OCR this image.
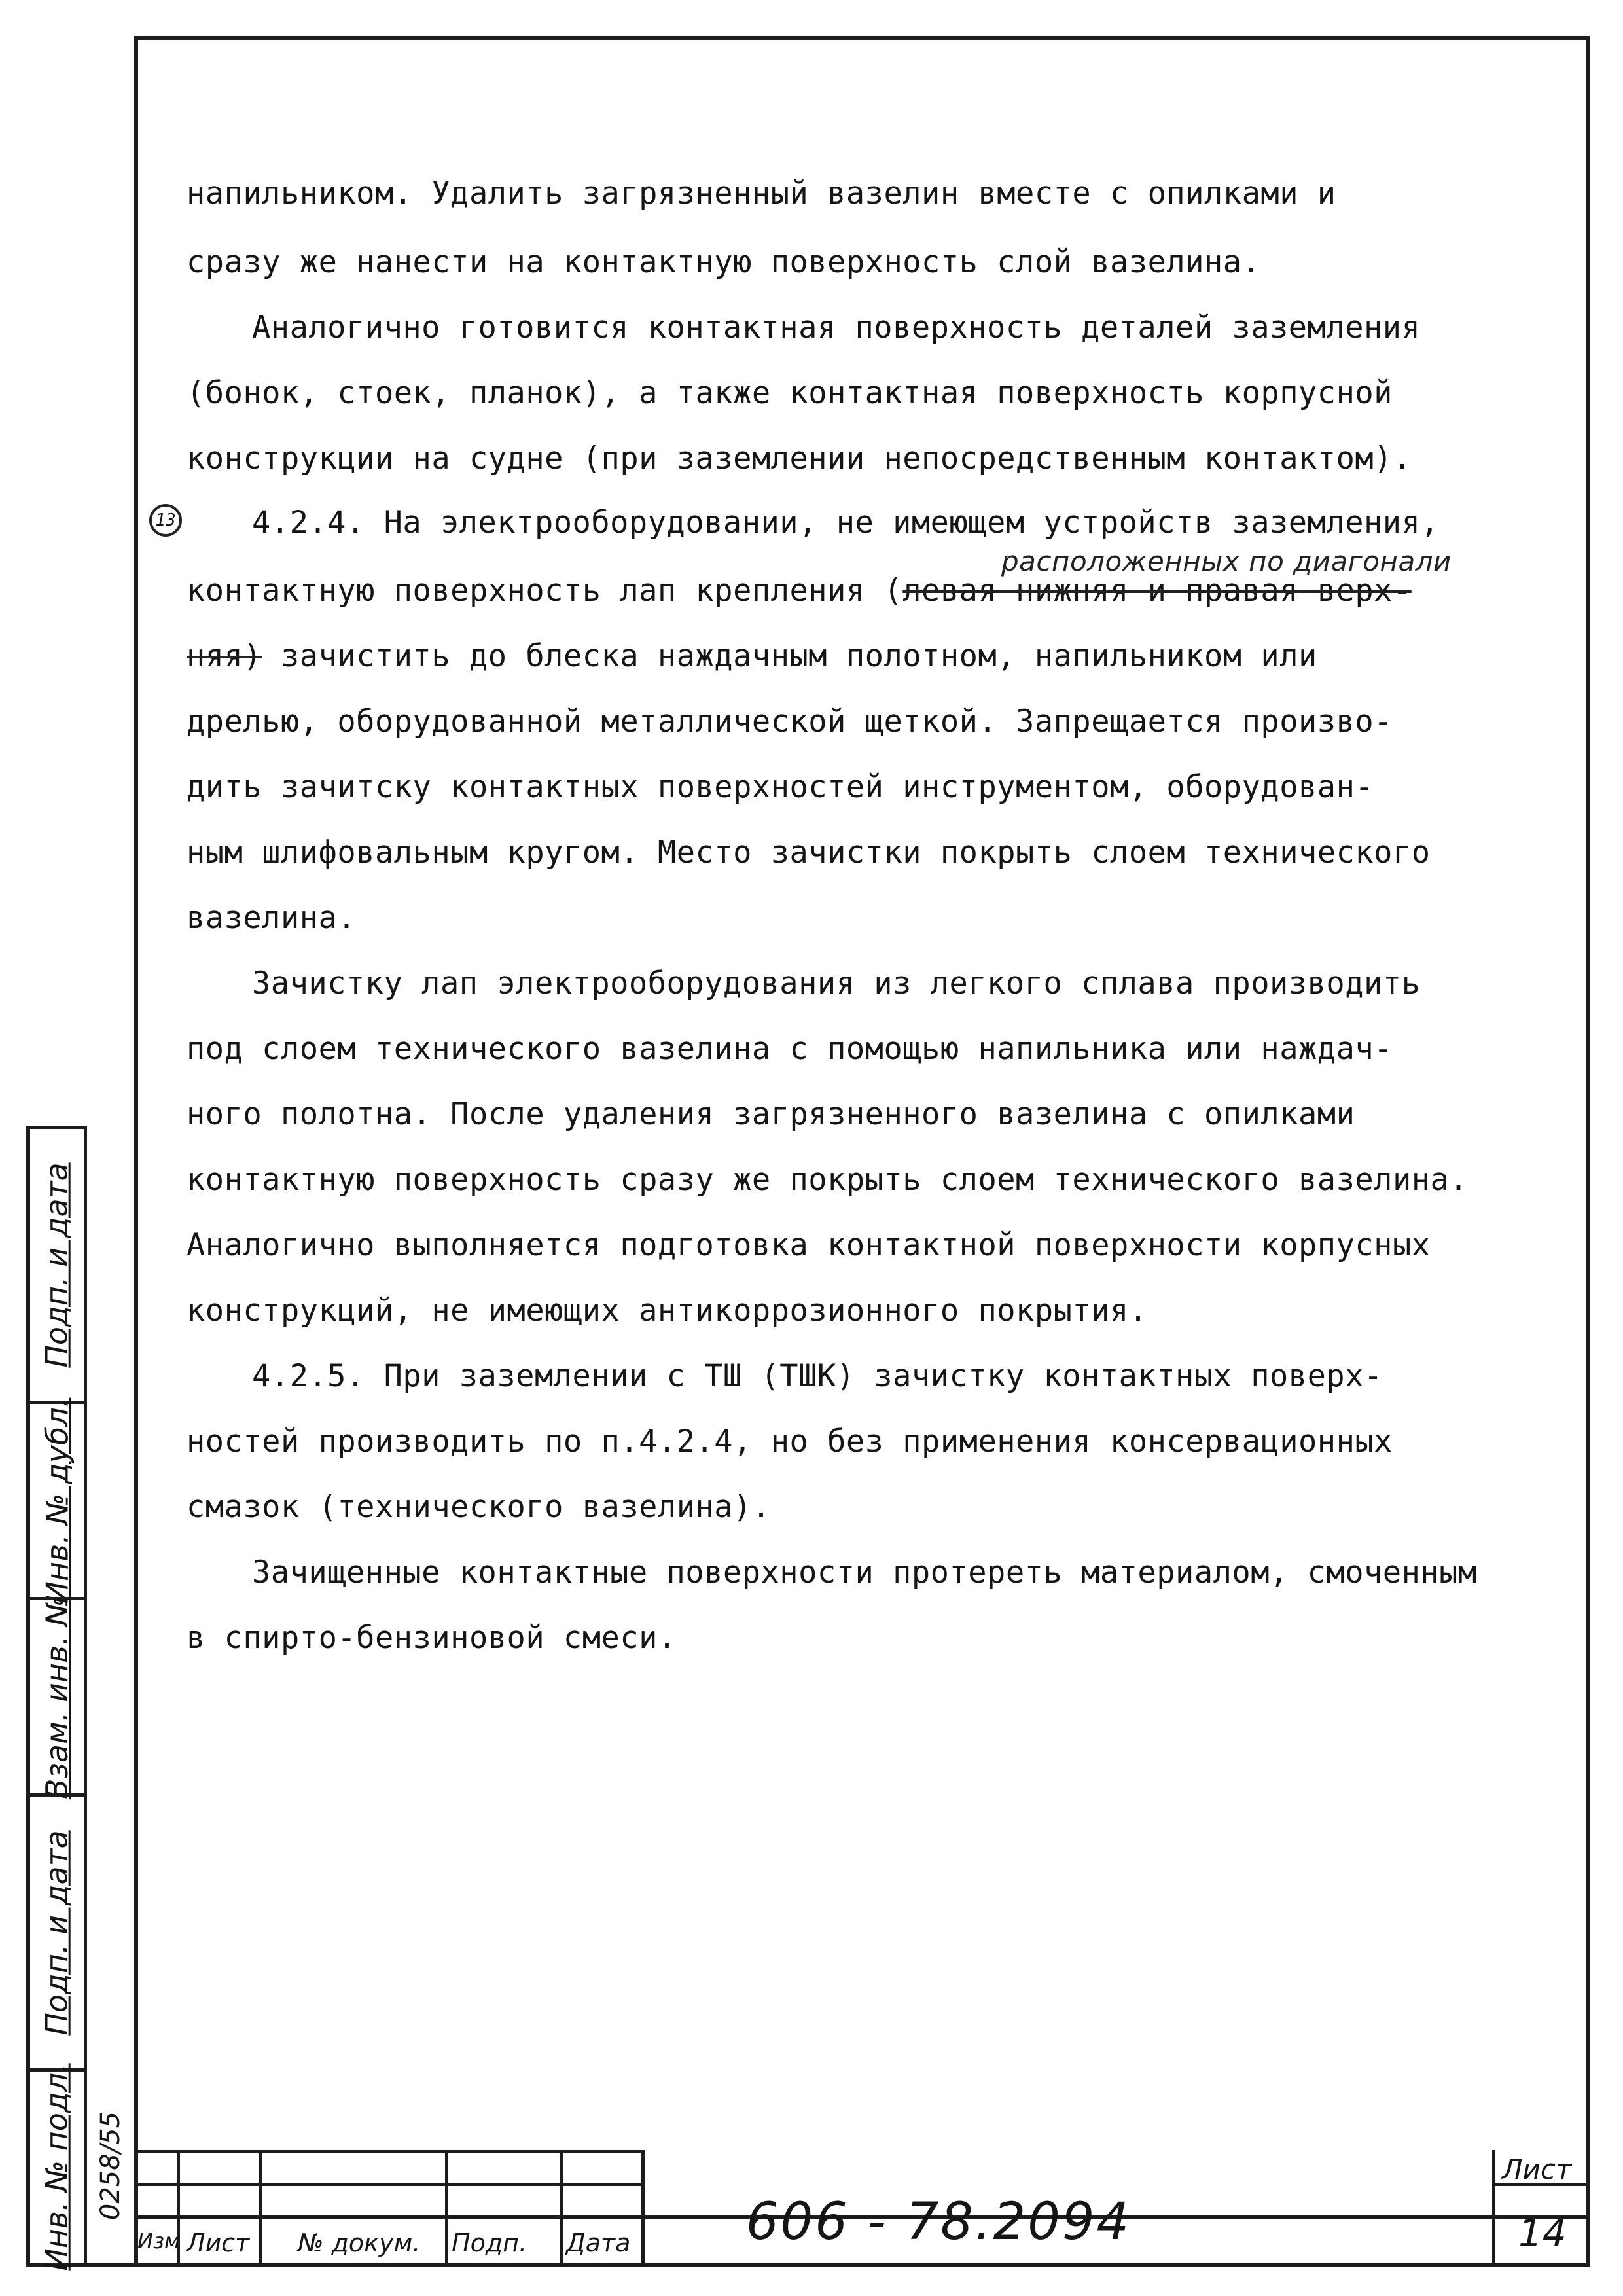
напильником. Удалить загрязненный вазелин вместе с опилками и
сразу же нанести на контактную поверхность слой вазелина.
Аналогично готовится контактная поверхность деталей заземления
(бонок, стоек, планок), а также контактная поверхность корпусной
конструкции на судне (при заземлении непосредственным контактом).
13 4.2.4. На электрооборудовании, не имеющем устройств заземления,
расположенных по диагонали
контактную поверхность лап крепления (левая нижняя и правая верх-
няя) зачистить до блеска наждачным полотном, напильником или
дрелью, оборудованной металлической щеткой. Запрещается произво-
дить зачитску контактных поверхностей инструментом, оборудован-
ным шлифовальным кругом. Место зачистки покрыть слоем технического
вазелина.
Зачистку лап электрооборудования из легкого сплава производить
под слоем технического вазелина с помощью напильника или наждач-
ного полотна. После удаления загрязненного вазелина с опилками
контактную поверхность сразу же покрыть слоем технического вазелина.
Аналогично выполняется подготовка контактной поверхности корпусных
конструкций, не имеющих антикоррозионного покрытия.
4.2.5. При заземлении с ТШ (ТШК) зачистку контактных поверх-
ностей производить по п.4.2.4, но без применения консервационных
смазок (технического вазелина).
Зачищенные контактные поверхности протереть материалом, смоченным
в спирто-бензиновой смеси.
Подп. и дата
Инв. № дубл.
Взам. инв. №
Подп. и дата
Инв. № подл. 0258/55
Изм Лист № докум. Подп. Дата 606 - 78.2094
Лист
14
